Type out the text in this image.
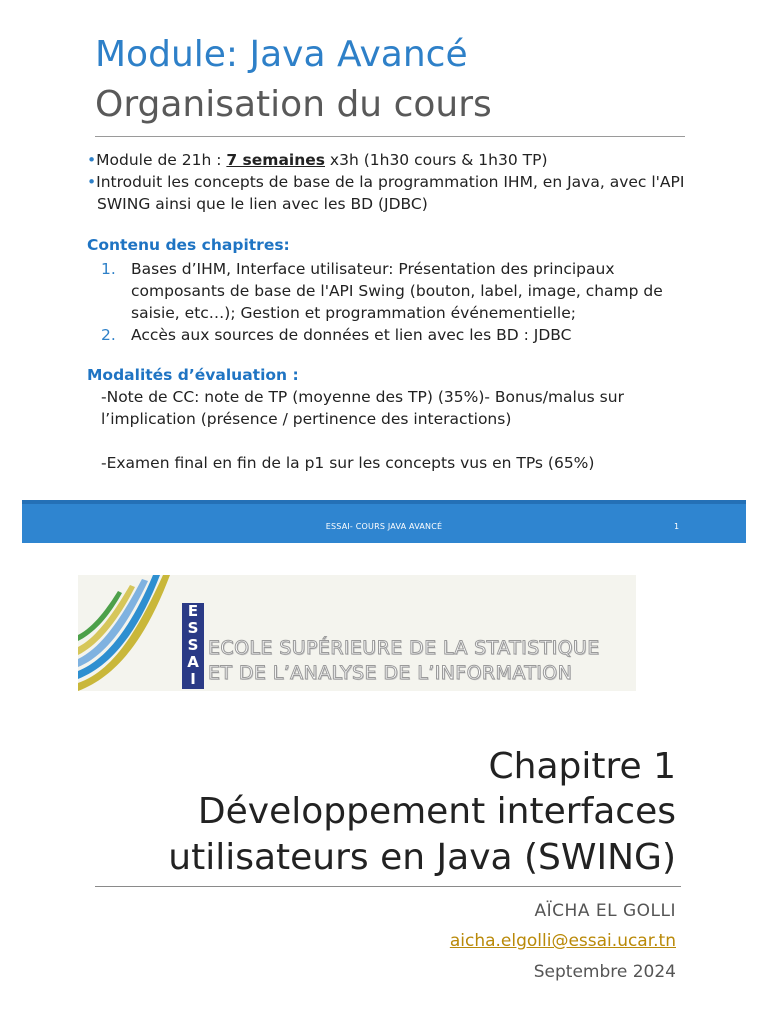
Module: Java Avancé
Organisation du cours
•Module de 21h : 7 semaines x3h (1h30 cours & 1h30 TP)
•Introduit les concepts de base de la programmation IHM, en Java, avec l'API SWING ainsi que le lien avec les BD (JDBC)
Contenu des chapitres:
1. Bases d’IHM, Interface utilisateur: Présentation des principaux composants de base de l'API Swing (bouton, label, image, champ de saisie, etc…); Gestion et programmation événementielle;
2. Accès aux sources de données et lien avec les BD : JDBC
Modalités d’évaluation :

-Note de CC: note de TP (moyenne des TP) (35%)- Bonus/malus sur l’implication (présence / pertinence des interactions)

-Examen final en fin de la p1 sur les concepts vus en TPs (65%)

ESSAI- COURS JAVA AVANCÉ	1
E
S
S
A
I
ECOLE SUPÉRIEURE DE LA STATISTIQUE
ET DE L’ANALYSE DE L’INFORMATION
Chapitre 1
Développement interfaces
utilisateurs en Java (SWING)
AÏCHA EL GOLLI
aicha.elgolli@essai.ucar.tn
Septembre 2024
